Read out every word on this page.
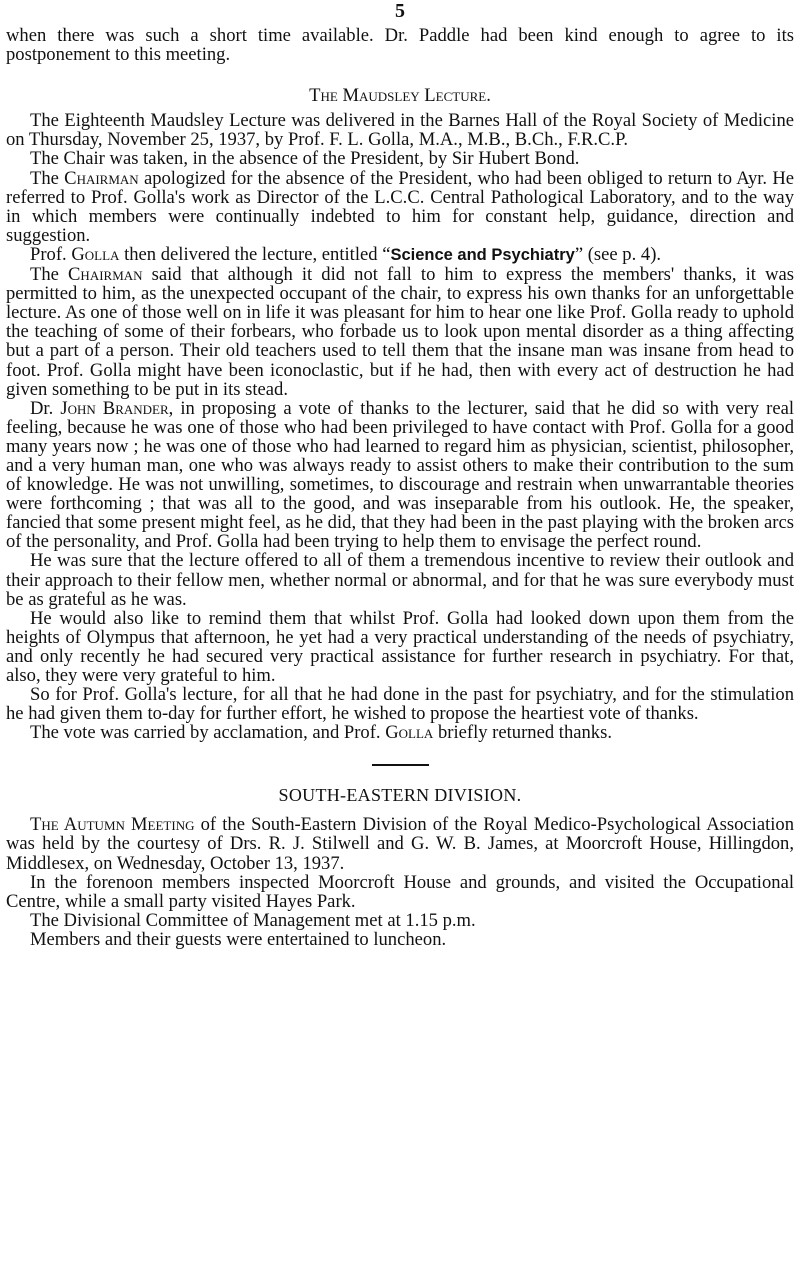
5

when there was such a short time available. Dr. Paddle had been kind enough to agree to its postponement to this meeting.

The Maudsley Lecture.

The Eighteenth Maudsley Lecture was delivered in the Barnes Hall of the Royal Society of Medicine on Thursday, November 25, 1937, by Prof. F. L. Golla, M.A., M.B., B.Ch., F.R.C.P.

The Chair was taken, in the absence of the President, by Sir Hubert Bond.

The Chairman apologized for the absence of the President, who had been obliged to return to Ayr. He referred to Prof. Golla's work as Director of the L.C.C. Central Pathological Laboratory, and to the way in which members were continually indebted to him for constant help, guidance, direction and suggestion.

Prof. Golla then delivered the lecture, entitled “Science and Psychiatry” (see p. 4).

The Chairman said that although it did not fall to him to express the members' thanks, it was permitted to him, as the unexpected occupant of the chair, to express his own thanks for an unforgettable lecture. As one of those well on in life it was pleasant for him to hear one like Prof. Golla ready to uphold the teaching of some of their forbears, who forbade us to look upon mental disorder as a thing affecting but a part of a person. Their old teachers used to tell them that the insane man was insane from head to foot. Prof. Golla might have been iconoclastic, but if he had, then with every act of destruction he had given something to be put in its stead.

Dr. John Brander, in proposing a vote of thanks to the lecturer, said that he did so with very real feeling, because he was one of those who had been privileged to have contact with Prof. Golla for a good many years now ; he was one of those who had learned to regard him as physician, scientist, philosopher, and a very human man, one who was always ready to assist others to make their contribution to the sum of knowledge. He was not unwilling, sometimes, to discourage and restrain when unwarrantable theories were forthcoming ; that was all to the good, and was inseparable from his outlook. He, the speaker, fancied that some present might feel, as he did, that they had been in the past playing with the broken arcs of the personality, and Prof. Golla had been trying to help them to envisage the perfect round.

He was sure that the lecture offered to all of them a tremendous incentive to review their outlook and their approach to their fellow men, whether normal or abnormal, and for that he was sure everybody must be as grateful as he was.

He would also like to remind them that whilst Prof. Golla had looked down upon them from the heights of Olympus that afternoon, he yet had a very practical understanding of the needs of psychiatry, and only recently he had secured very practical assistance for further research in psychiatry. For that, also, they were very grateful to him.

So for Prof. Golla's lecture, for all that he had done in the past for psychiatry, and for the stimulation he had given them to-day for further effort, he wished to propose the heartiest vote of thanks.

The vote was carried by acclamation, and Prof. Golla briefly returned thanks.

SOUTH-EASTERN DIVISION.

The Autumn Meeting of the South-Eastern Division of the Royal Medico-Psychological Association was held by the courtesy of Drs. R. J. Stilwell and G. W. B. James, at Moorcroft House, Hillingdon, Middlesex, on Wednesday, October 13, 1937.

In the forenoon members inspected Moorcroft House and grounds, and visited the Occupational Centre, while a small party visited Hayes Park.

The Divisional Committee of Management met at 1.15 p.m.

Members and their guests were entertained to luncheon.
